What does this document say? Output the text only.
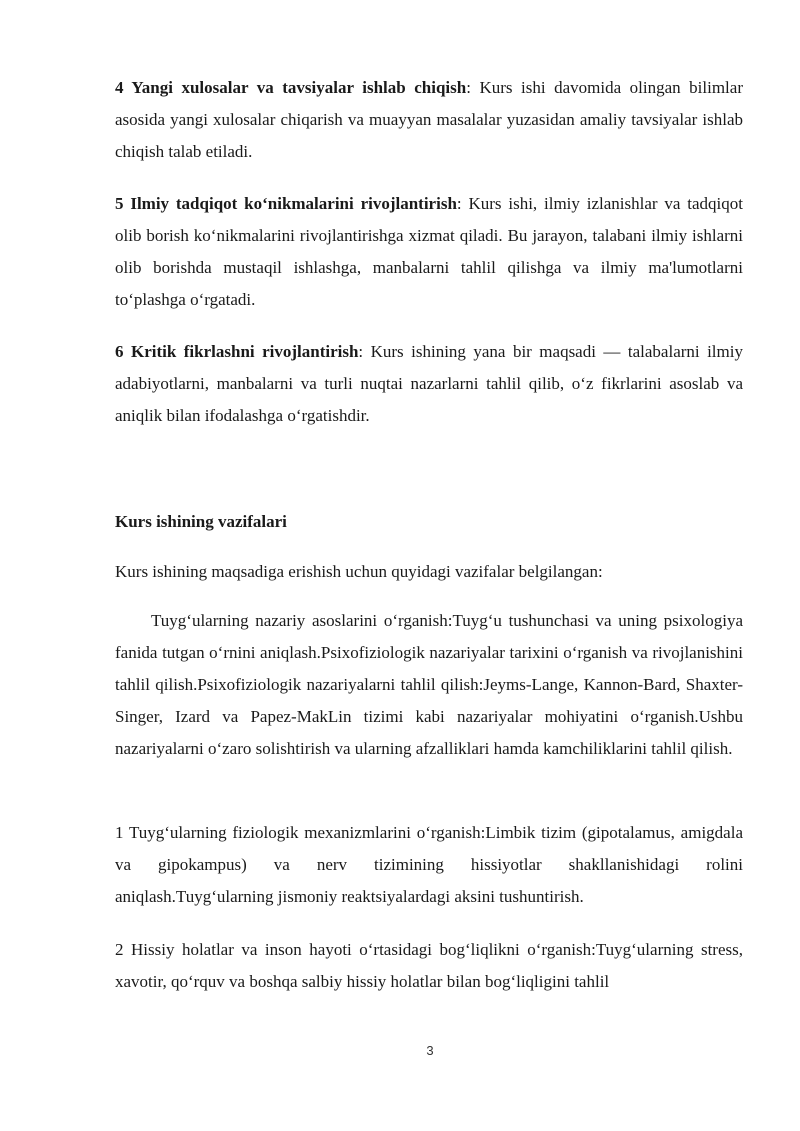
4 Yangi xulosalar va tavsiyalar ishlab chiqish: Kurs ishi davomida olingan bilimlar asosida yangi xulosalar chiqarish va muayyan masalalar yuzasidan amaliy tavsiyalar ishlab chiqish talab etiladi.

5 Ilmiy tadqiqot koʻnikmalarini rivojlantirish: Kurs ishi, ilmiy izlanishlar va tadqiqot olib borish koʻnikmalarini rivojlantirishga xizmat qiladi. Bu jarayon, talabani ilmiy ishlarni olib borishda mustaqil ishlashga, manbalarni tahlil qilishga va ilmiy ma'lumotlarni toʻplashga oʻrgatadi.

6 Kritik fikrlashni rivojlantirish: Kurs ishining yana bir maqsadi — talabalarni ilmiy adabiyotlarni, manbalarni va turli nuqtai nazarlarni tahlil qilib, oʻz fikrlarini asoslab va aniqlik bilan ifodalashga oʻrgatishdir.

Kurs ishining vazifalari

Kurs ishining maqsadiga erishish uchun quyidagi vazifalar belgilangan:

Tuygʻularning nazariy asoslarini oʻrganish:Tuygʻu tushunchasi va uning psixologiya fanida tutgan oʻrnini aniqlash.Psixofiziologik nazariyalar tarixini oʻrganish va rivojlanishini tahlil qilish.Psixofiziologik nazariyalarni tahlil qilish:Jeyms-Lange, Kannon-Bard, Shaxter-Singer, Izard va Papez-MakLin tizimi kabi nazariyalar mohiyatini oʻrganish.Ushbu nazariyalarni oʻzaro solishtirish va ularning afzalliklari hamda kamchiliklarini tahlil qilish.

1 Tuygʻularning fiziologik mexanizmlarini oʻrganish:Limbik tizim (gipotalamus, amigdala va gipokampus) va nerv tizimining hissiyotlar shakllanishidagi rolini aniqlash.Tuygʻularning jismoniy reaktsiyalardagi aksini tushuntirish.

2 Hissiy holatlar va inson hayoti oʻrtasidagi bogʻliqlikni oʻrganish:Tuygʻularning stress, xavotir, qoʻrquv va boshqa salbiy hissiy holatlar bilan bogʻliqligini tahlil

3
